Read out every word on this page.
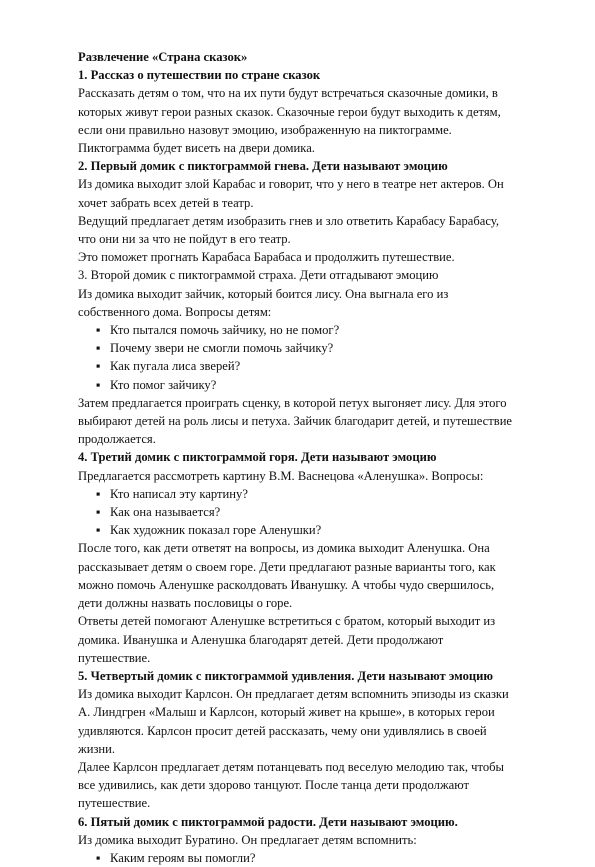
Развлечение «Страна сказок»

1. Рассказ о путешествии по стране сказок

Рассказать детям о том, что на их пути будут встречаться сказочные домики, в которых живут герои разных сказок. Сказочные герои будут выходить к детям, если они правильно назовут эмоцию, изображенную на пиктограмме. Пиктограмма будет висеть на двери домика.

2. Первый домик с пиктограммой гнева. Дети называют эмоцию

Из домика выходит злой Карабас и говорит, что у него в театре нет актеров. Он хочет забрать всех детей в театр.

Ведущий предлагает детям изобразить гнев и зло ответить Карабасу Барабасу, что они ни за что не пойдут в его театр.

Это поможет прогнать Карабаса Барабаса и продолжить путешествие.

3. Второй домик с пиктограммой страха. Дети отгадывают эмоцию

Из домика выходит зайчик, который боится лису. Она выгнала его из собственного дома. Вопросы детям:

▪ Кто пытался помочь зайчику, но не помог?
▪ Почему звери не смогли помочь зайчику?
▪ Как пугала лиса зверей?
▪ Кто помог зайчику?

Затем предлагается проиграть сценку, в которой петух выгоняет лису. Для этого выбирают детей на роль лисы и петуха. Зайчик благодарит детей, и путешествие продолжается.

4. Третий домик с пиктограммой горя. Дети называют эмоцию

Предлагается рассмотреть картину В.М. Васнецова «Аленушка». Вопросы:

▪ Кто написал эту картину?
▪ Как она называется?
▪ Как художник показал горе Аленушки?

После того, как дети ответят на вопросы, из домика выходит Аленушка. Она рассказывает детям о своем горе. Дети предлагают разные варианты того, как можно помочь Аленушке расколдовать Иванушку. А чтобы чудо свершилось, дети должны назвать пословицы о горе.

Ответы детей помогают Аленушке встретиться с братом, который выходит из домика. Иванушка и Аленушка благодарят детей. Дети продолжают путешествие.

5. Четвертый домик с пиктограммой удивления. Дети называют эмоцию

Из домика выходит Карлсон. Он предлагает детям вспомнить эпизоды из сказки А. Линдгрен «Малыш и Карлсон, который живет на крыше», в которых герои удивляются. Карлсон просит детей рассказать, чему они удивлялись в своей жизни.

Далее Карлсон предлагает детям потанцевать под веселую мелодию так, чтобы все удивились, как дети здорово танцуют. После танца дети продолжают путешествие.

6. Пятый домик с пиктограммой радости. Дети называют эмоцию.

Из домика выходит Буратино. Он предлагает детям вспомнить:

▪ Каким героям вы помогли?
